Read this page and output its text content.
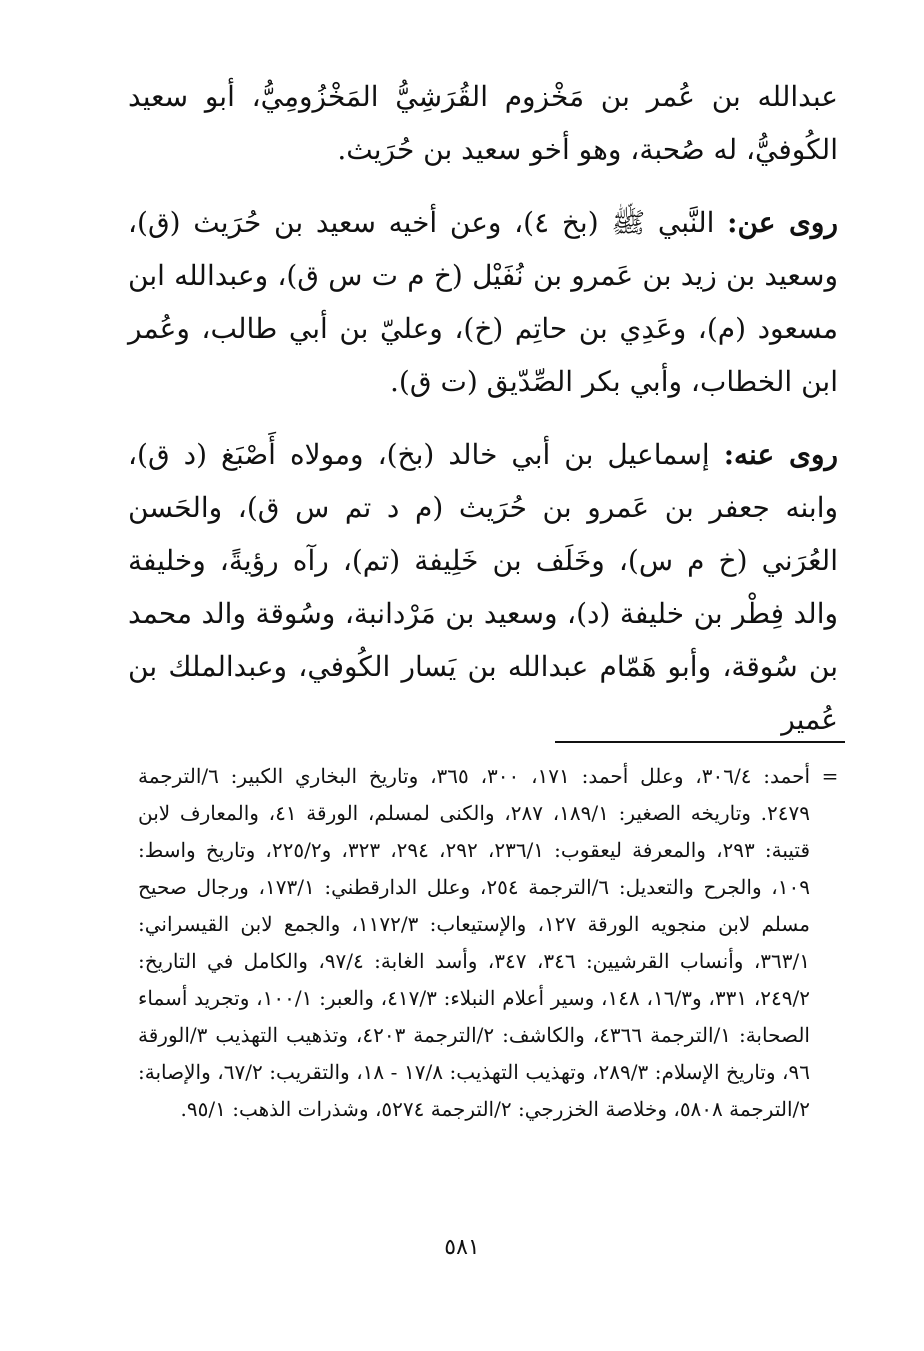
عبدالله بن عُمر بن مَخْزوم القُرَشِيُّ المَخْزُومِيُّ، أبو سعيد الكُوفيُّ، له صُحبة، وهو أخو سعيد بن حُرَيث.

روى عن: النَّبي ﷺ (بخ ٤)، وعن أخيه سعيد بن حُرَيث (ق)، وسعيد بن زيد بن عَمرو بن نُفَيْل (خ م ت س ق)، وعبدالله ابن مسعود (م)، وعَدِي بن حاتِم (خ)، وعليّ بن أبي طالب، وعُمر ابن الخطاب، وأبي بكر الصِّدّيق (ت ق).

روى عنه: إسماعيل بن أبي خالد (بخ)، ومولاه أَصْبَغ (د ق)، وابنه جعفر بن عَمرو بن حُرَيث (م د تم س ق)، والحَسن العُرَني (خ م س)، وخَلَف بن خَلِيفة (تم)، رآه رؤيةً، وخليفة والد فِطْر بن خليفة (د)، وسعيد بن مَرْدانبة، وسُوقة والد محمد بن سُوقة، وأبو هَمّام عبدالله بن يَسار الكُوفي، وعبدالملك بن عُمير

=
أحمد: ٣٠٦/٤، وعلل أحمد: ١٧١، ٣٠٠، ٣٦٥، وتاريخ البخاري الكبير: ٦/الترجمة ٢٤٧٩. وتاريخه الصغير: ١٨٩/١، ٢٨٧، والكنى لمسلم، الورقة ٤١، والمعارف لابن قتيبة: ٢٩٣، والمعرفة ليعقوب: ٢٣٦/١، ٢٩٢، ٢٩٤، ٣٢٣، و٢٢٥/٢، وتاريخ واسط: ١٠٩، والجرح والتعديل: ٦/الترجمة ٢٥٤، وعلل الدارقطني: ١٧٣/١، ورجال صحيح مسلم لابن منجويه الورقة ١٢٧، والإستيعاب: ١١٧٢/٣، والجمع لابن القيسراني: ٣٦٣/١، وأنساب القرشيين: ٣٤٦، ٣٤٧، وأسد الغابة: ٩٧/٤، والكامل في التاريخ: ٢٤٩/٢، ٣٣١، و١٦/٣، ١٤٨، وسير أعلام النبلاء: ٤١٧/٣، والعبر: ١٠٠/١، وتجريد أسماء الصحابة: ١/الترجمة ٤٣٦٦، والكاشف: ٢/الترجمة ٤٢٠٣، وتذهيب التهذيب ٣/الورقة ٩٦، وتاريخ الإسلام: ٢٨٩/٣، وتهذيب التهذيب: ١٧/٨ - ١٨، والتقريب: ٦٧/٢، والإصابة: ٢/الترجمة ٥٨٠٨، وخلاصة الخزرجي: ٢/الترجمة ٥٢٧٤، وشذرات الذهب: ٩٥/١.
٥٨١
